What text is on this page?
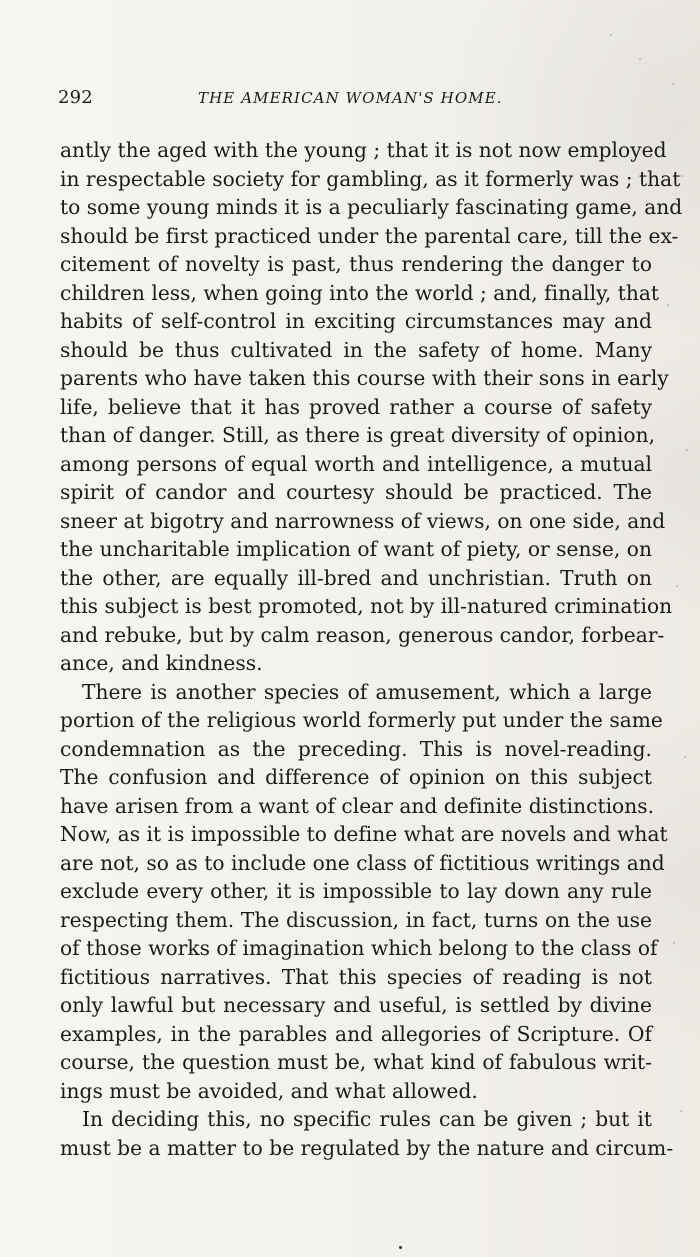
292	THE AMERICAN WOMAN'S HOME.
antly the aged with the young ; that it is not now employed
in respectable society for gambling, as it formerly was ; that
to some young minds it is a peculiarly fascinating game, and
should be first practiced under the parental care, till the ex-
citement of novelty is past, thus rendering the danger to
children less, when going into the world ; and, finally, that
habits of self-control in exciting circumstances may and
should be thus cultivated in the safety of home. Many
parents who have taken this course with their sons in early
life, believe that it has proved rather a course of safety
than of danger. Still, as there is great diversity of opinion,
among persons of equal worth and intelligence, a mutual
spirit of candor and courtesy should be practiced. The
sneer at bigotry and narrowness of views, on one side, and
the uncharitable implication of want of piety, or sense, on
the other, are equally ill-bred and unchristian. Truth on
this subject is best promoted, not by ill-natured crimination
and rebuke, but by calm reason, generous candor, forbear-
ance, and kindness.
There is another species of amusement, which a large
portion of the religious world formerly put under the same
condemnation as the preceding. This is novel-reading.
The confusion and difference of opinion on this subject
have arisen from a want of clear and definite distinctions.
Now, as it is impossible to define what are novels and what
are not, so as to include one class of fictitious writings and
exclude every other, it is impossible to lay down any rule
respecting them. The discussion, in fact, turns on the use
of those works of imagination which belong to the class of
fictitious narratives. That this species of reading is not
only lawful but necessary and useful, is settled by divine
examples, in the parables and allegories of Scripture. Of
course, the question must be, what kind of fabulous writ-
ings must be avoided, and what allowed.
In deciding this, no specific rules can be given ; but it
must be a matter to be regulated by the nature and circum-
